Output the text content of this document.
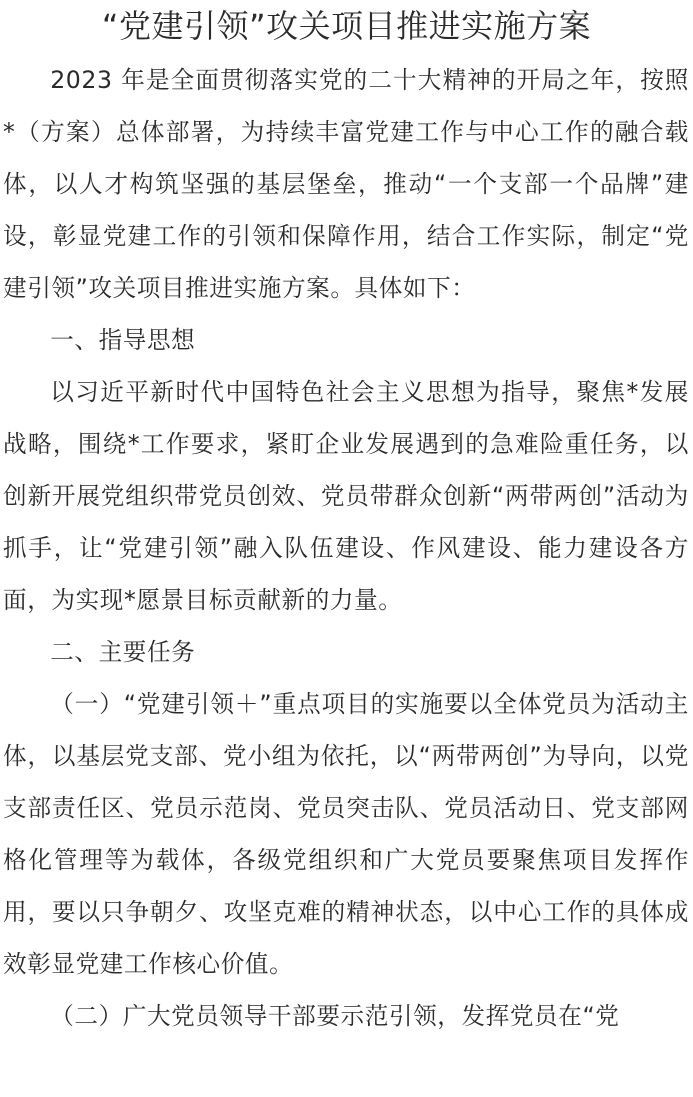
“党建引领”攻关项目推进实施方案

2023 年是全面贯彻落实党的二十大精神的开局之年，按照*（方案）总体部署，为持续丰富党建工作与中心工作的融合载体，以人才构筑坚强的基层堡垒，推动“一个支部一个品牌”建设，彰显党建工作的引领和保障作用，结合工作实际，制定“党建引领”攻关项目推进实施方案。具体如下：

一、指导思想

以习近平新时代中国特色社会主义思想为指导，聚焦*发展战略，围绕*工作要求，紧盯企业发展遇到的急难险重任务，以创新开展党组织带党员创效、党员带群众创新“两带两创”活动为抓手，让“党建引领”融入队伍建设、作风建设、能力建设各方面，为实现*愿景目标贡献新的力量。

二、主要任务

（一）“党建引领＋”重点项目的实施要以全体党员为活动主体，以基层党支部、党小组为依托，以“两带两创”为导向，以党支部责任区、党员示范岗、党员突击队、党员活动日、党支部网格化管理等为载体，各级党组织和广大党员要聚焦项目发挥作用，要以只争朝夕、攻坚克难的精神状态，以中心工作的具体成效彰显党建工作核心价值。

（二）广大党员领导干部要示范引领，发挥党员在“党
